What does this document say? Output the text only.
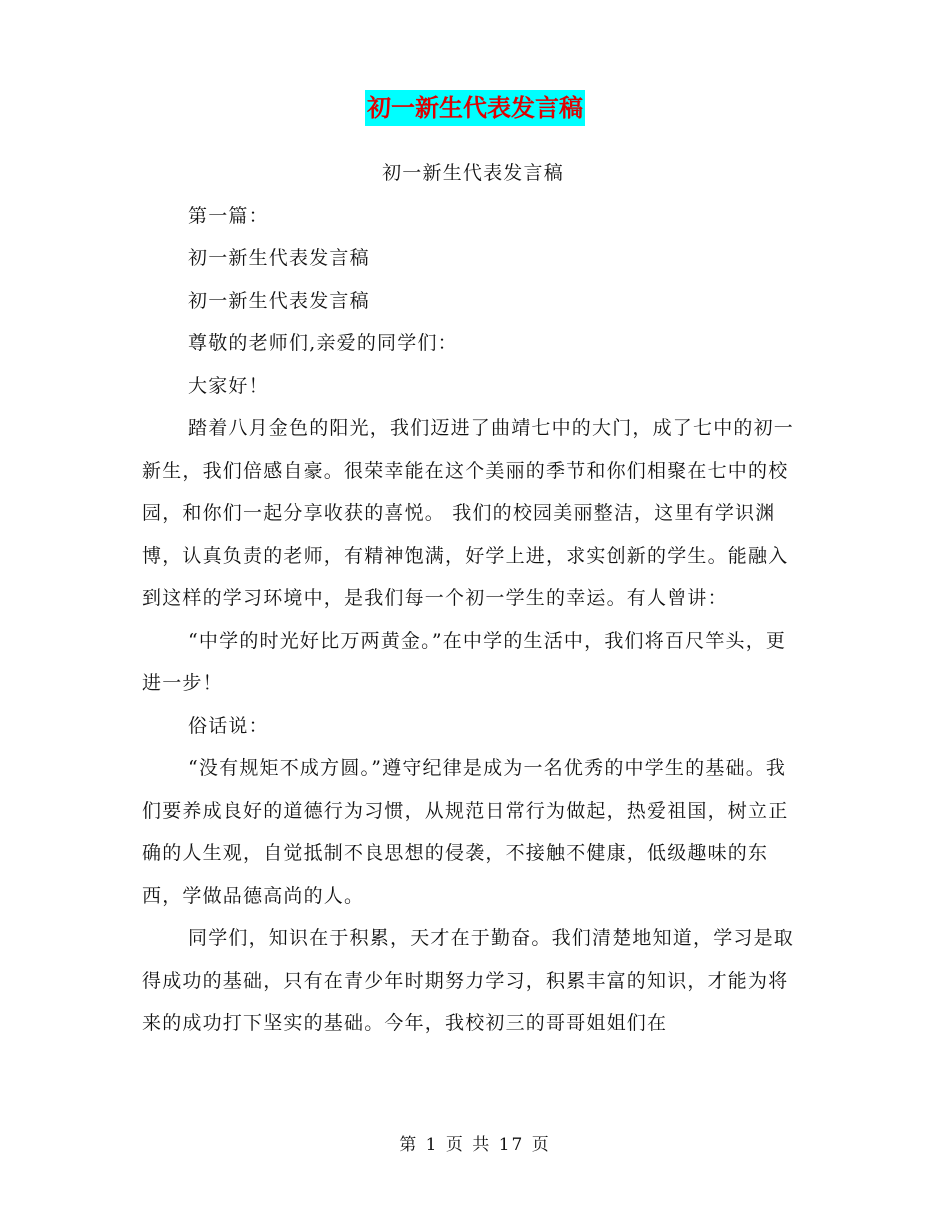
初一新生代表发言稿

初一新生代表发言稿

第一篇：

初一新生代表发言稿

初一新生代表发言稿

尊敬的老师们,亲爱的同学们：

大家好！

踏着八月金色的阳光，我们迈进了曲靖七中的大门，成了七中的初一新生，我们倍感自豪。很荣幸能在这个美丽的季节和你们相聚在七中的校园，和你们一起分享收获的喜悦。 我们的校园美丽整洁，这里有学识渊博，认真负责的老师，有精神饱满，好学上进，求实创新的学生。能融入到这样的学习环境中，是我们每一个初一学生的幸运。有人曾讲：

“中学的时光好比万两黄金。”在中学的生活中，我们将百尺竿头，更进一步！

俗话说：

“没有规矩不成方圆。”遵守纪律是成为一名优秀的中学生的基础。我们要养成良好的道德行为习惯，从规范日常行为做起，热爱祖国，树立正确的人生观，自觉抵制不良思想的侵袭，不接触不健康，低级趣味的东西，学做品德高尚的人。

同学们，知识在于积累，天才在于勤奋。我们清楚地知道，学习是取得成功的基础，只有在青少年时期努力学习，积累丰富的知识，才能为将来的成功打下坚实的基础。今年，我校初三的哥哥姐姐们在

第 1 页 共 17 页
